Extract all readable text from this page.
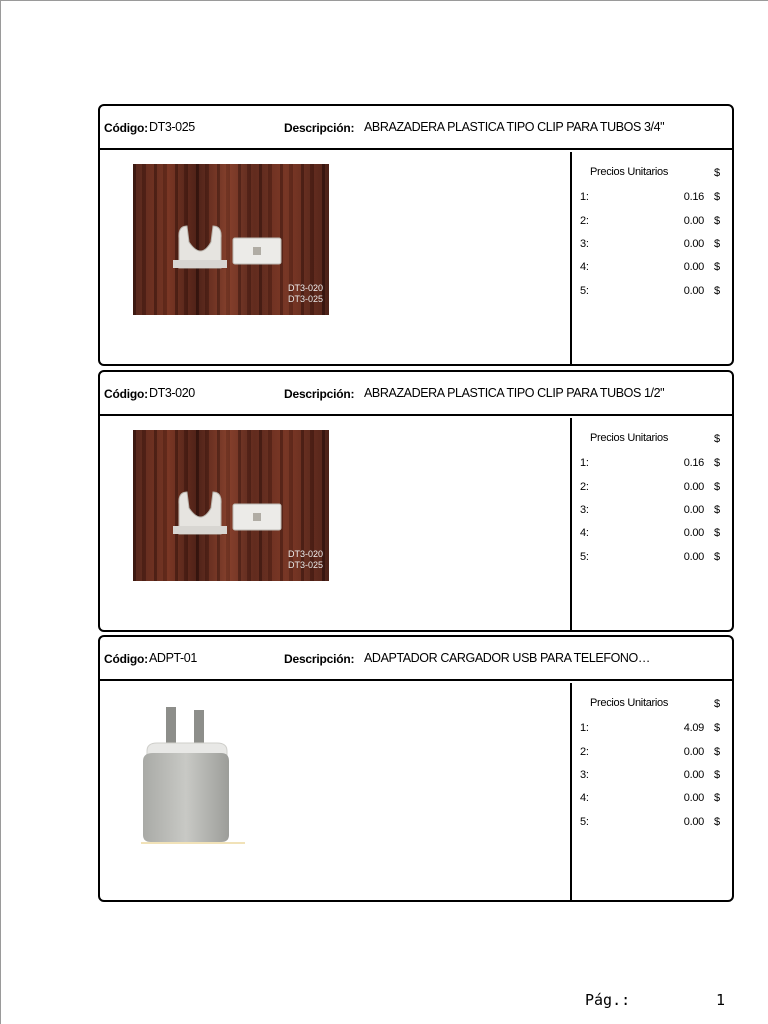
Código: DT3-025	Descripción: ABRAZADERA PLASTICA TIPO CLIP PARA TUBOS 3/4"
DT3-020
DT3-025
Precios Unitarios	$
1:	0.16 $
2:	0.00 $
3:	0.00 $
4:	0.00 $
5:	0.00 $
Código: DT3-020	Descripción: ABRAZADERA PLASTICA TIPO CLIP PARA TUBOS 1/2"
DT3-020
DT3-025
Precios Unitarios	$
1:	0.16 $
2:	0.00 $
3:	0.00 $
4:	0.00 $
5:	0.00 $
Código: ADPT-01	Descripción: ADAPTADOR CARGADOR USB PARA TELEFONO…
Precios Unitarios	$
1:	4.09 $
2:	0.00 $
3:	0.00 $
4:	0.00 $
5:	0.00 $
Pág.:	1
